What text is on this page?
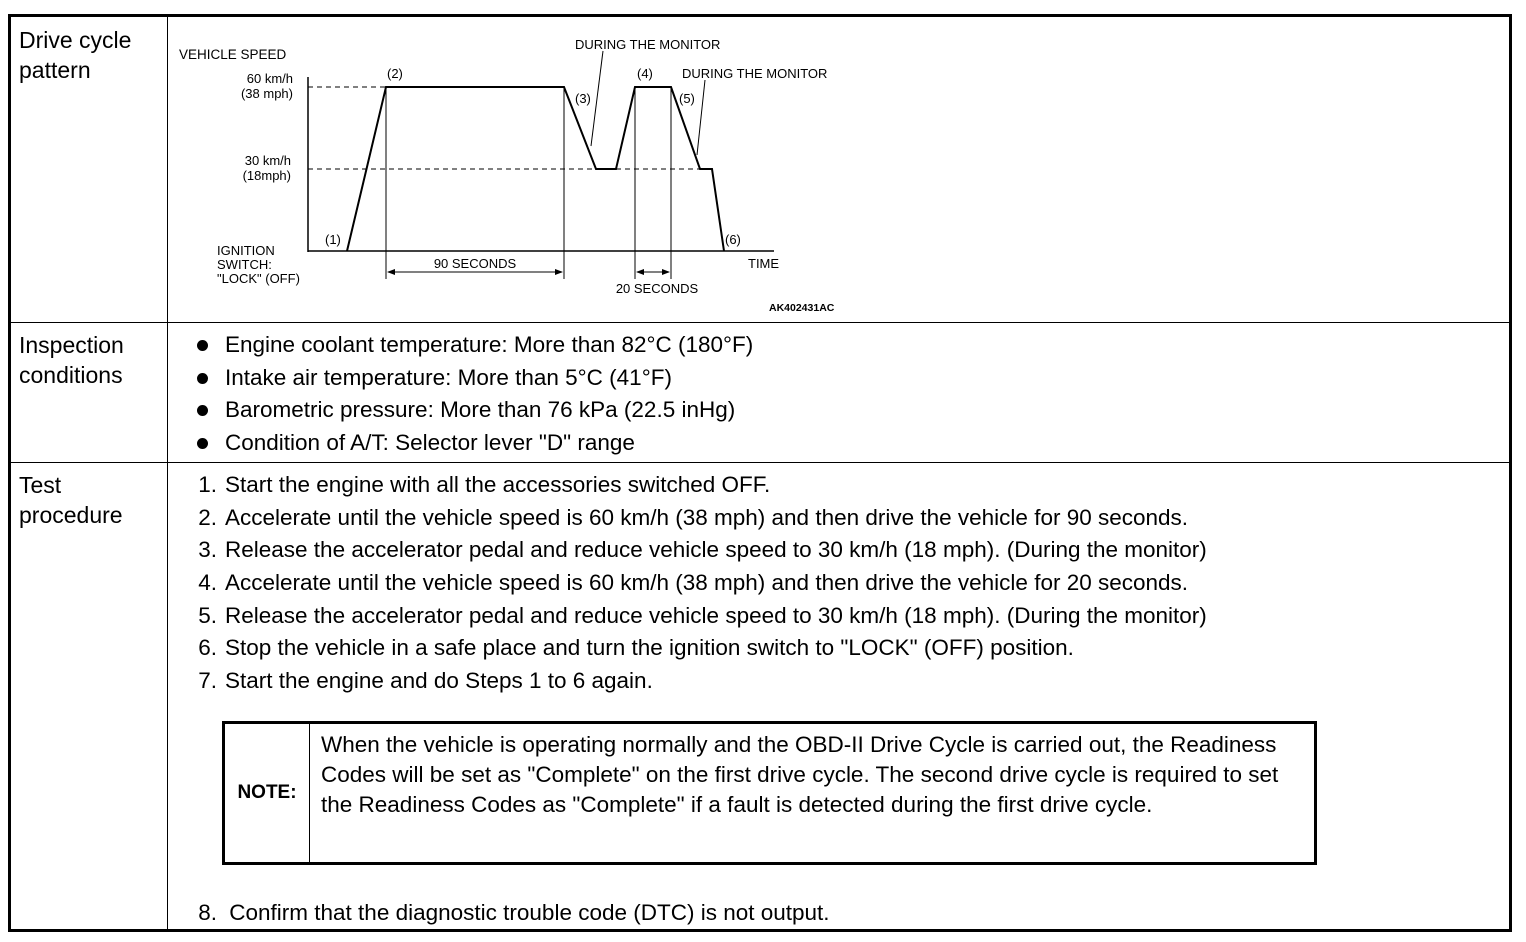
Drive cycle
pattern
Inspection
conditions
Test
procedure
VEHICLE SPEED
60 km/h
(38 mph)
30 km/h
(18mph)
IGNITION
SWITCH:
"LOCK" (OFF)
TIME
(1)
(2)
(3)
(4)
(5)
(6)
DURING THE MONITOR
DURING THE MONITOR
90 SECONDS
20 SECONDS
AK402431AC
Engine coolant temperature: More than 82°C (180°F)
Intake air temperature: More than 5°C (41°F)
Barometric pressure: More than 76 kPa (22.5 inHg)
Condition of A/T: Selector lever "D" range
1. Start the engine with all the accessories switched OFF.
2. Accelerate until the vehicle speed is 60 km/h (38 mph) and then drive the vehicle for 90 seconds.
3. Release the accelerator pedal and reduce vehicle speed to 30 km/h (18 mph). (During the monitor)
4. Accelerate until the vehicle speed is 60 km/h (38 mph) and then drive the vehicle for 20 seconds.
5. Release the accelerator pedal and reduce vehicle speed to 30 km/h (18 mph). (During the monitor)
6. Stop the vehicle in a safe place and turn the ignition switch to "LOCK" (OFF) position.
7. Start the engine and do Steps 1 to 6 again.
NOTE:
When the vehicle is operating normally and the OBD-II Drive Cycle is carried out, the Readiness Codes will be set as "Complete" on the first drive cycle. The second drive cycle is required to set the Readiness Codes as "Complete" if a fault is detected during the first drive cycle.
8. Confirm that the diagnostic trouble code (DTC) is not output.
